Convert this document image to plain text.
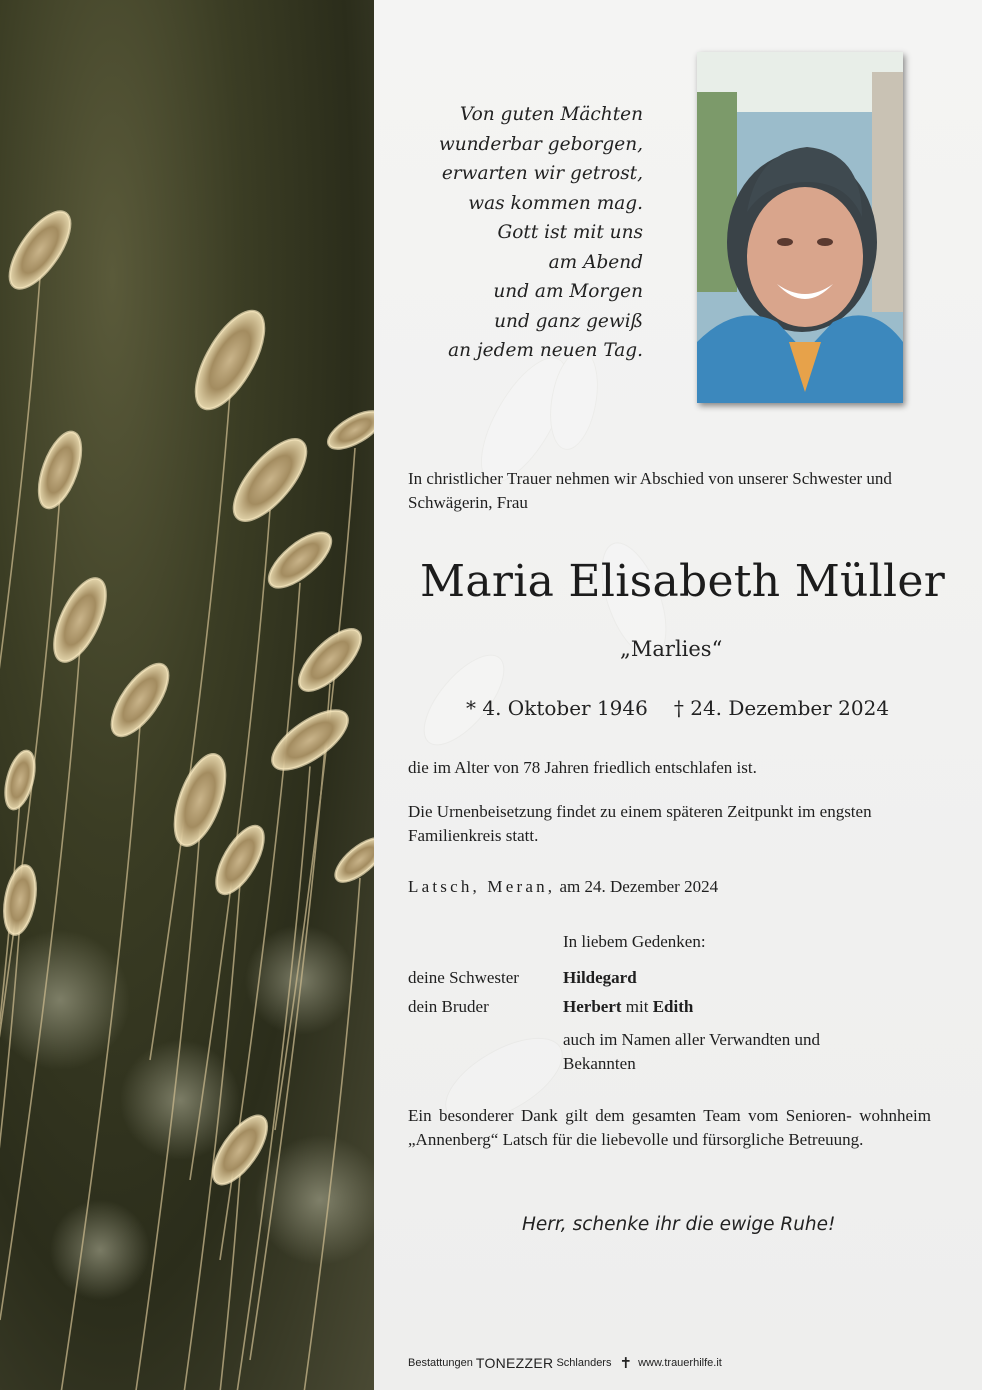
Von guten Mächten
wunderbar geborgen,
erwarten wir getrost,
was kommen mag.
Gott ist mit uns
am Abend
und am Morgen
und ganz gewiß
an jedem neuen Tag.
In christlicher Trauer nehmen wir Abschied von unserer Schwester und Schwägerin, Frau
Maria Elisabeth Müller
„Marlies“
* 4. Oktober 1946 † 24. Dezember 2024
die im Alter von 78 Jahren friedlich entschlafen ist.
Die Urnenbeisetzung findet zu einem späteren Zeitpunkt im engsten Familienkreis statt.
Latsch, Meran, am 24. Dezember 2024
In liebem Gedenken:
deine Schwester	Hildegard
dein Bruder	Herbert mit Edith
auch im Namen aller Verwandten und Bekannten
Ein besonderer Dank gilt dem gesamten Team vom Senioren- wohnheim „Annenberg“ Latsch für die liebevolle und fürsorgliche Betreuung.
Herr, schenke ihr die ewige Ruhe!
Bestattungen TONEZZER Schlanders ✝ www.trauerhilfe.it
